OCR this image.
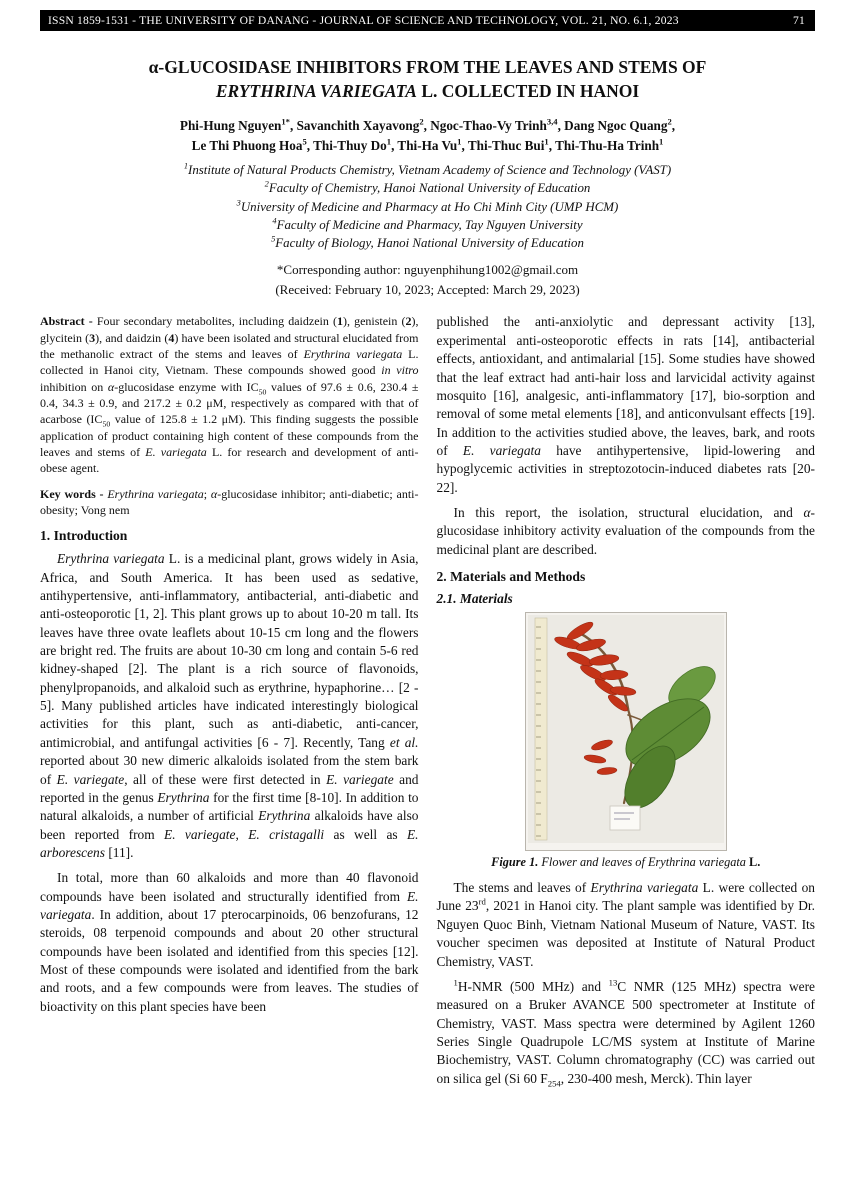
ISSN 1859-1531 - THE UNIVERSITY OF DANANG - JOURNAL OF SCIENCE AND TECHNOLOGY, VOL. 21, NO. 6.1, 2023	71
α-GLUCOSIDASE INHIBITORS FROM THE LEAVES AND STEMS OF
ERYTHRINA VARIEGATA L. COLLECTED IN HANOI
Phi-Hung Nguyen$^{1*}$, Savanchith Xayavong$^2$, Ngoc-Thao-Vy Trinh$^{3,4}$, Dang Ngoc Quang$^2$,
Le Thi Phuong Hoa$^5$, Thi-Thuy Do$^1$, Thi-Ha Vu$^1$, Thi-Thuc Bui$^1$, Thi-Thu-Ha Trinh$^1$
$^1$Institute of Natural Products Chemistry, Vietnam Academy of Science and Technology (VAST)
$^2$Faculty of Chemistry, Hanoi National University of Education
$^3$University of Medicine and Pharmacy at Ho Chi Minh City (UMP HCM)
$^4$Faculty of Medicine and Pharmacy, Tay Nguyen University
$^5$Faculty of Biology, Hanoi National University of Education
*Corresponding author: nguyenphihung1002@gmail.com
(Received: February 10, 2023; Accepted: March 29, 2023)

Abstract - Four secondary metabolites, including daidzein (1), genistein (2), glycitein (3), and daidzin (4) have been isolated and structural elucidated from the methanolic extract of the stems and leaves of Erythrina variegata L. collected in Hanoi city, Vietnam. These compounds showed good in vitro inhibition on α-glucosidase enzyme with $IC_{50}$ values of 97.6 ± 0.6, 230.4 ± 0.4, 34.3 ± 0.9, and 217.2 ± 0.2 μM, respectively as compared with that of acarbose ($IC_{50}$ value of 125.8 ± 1.2 μM). This finding suggests the possible application of product containing high content of these compounds from the leaves and stems of E. variegata L. for research and development of anti-obese agent.

Key words - Erythrina variegata; α-glucosidase inhibitor; anti-diabetic; anti-obesity; Vong nem

1. Introduction

Erythrina variegata L. is a medicinal plant, grows widely in Asia, Africa, and South America. It has been used as sedative, antihypertensive, anti-inflammatory, antibacterial, anti-diabetic and anti-osteoporotic [1, 2]. This plant grows up to about 10-20 m tall. Its leaves have three ovate leaflets about 10-15 cm long and the flowers are bright red. The fruits are about 10-30 cm long and contain 5-6 red kidney-shaped [2]. The plant is a rich source of flavonoids, phenylpropanoids, and alkaloid such as erythrine, hypaphorine… [2 - 5]. Many published articles have indicated interestingly biological activities for this plant, such as anti-diabetic, anti-cancer, antimicrobial, and antifungal activities [6 - 7]. Recently, Tang et al. reported about 30 new dimeric alkaloids isolated from the stem bark of E. variegate, all of these were first detected in E. variegate and reported in the genus Erythrina for the first time [8-10]. In addition to natural alkaloids, a number of artificial Erythrina alkaloids have also been reported from E. variegate, E. cristagalli as well as E. arborescens [11].

In total, more than 60 alkaloids and more than 40 flavonoid compounds have been isolated and structurally identified from E. variegata. In addition, about 17 pterocarpinoids, 06 benzofurans, 12 steroids, 08 terpenoid compounds and about 20 other structural compounds have been isolated and identified from this species [12]. Most of these compounds were isolated and identified from the bark and roots, and a few compounds were from leaves. The studies of bioactivity on this plant species have been

published the anti-anxiolytic and depressant activity [13], experimental anti-osteoporotic effects in rats [14], antibacterial effects, antioxidant, and antimalarial [15]. Some studies have showed that the leaf extract had anti-hair loss and larvicidal activity against mosquito [16], analgesic, anti-inflammatory [17], bio-sorption and removal of some metal elements [18], and anticonvulsant effects [19]. In addition to the activities studied above, the leaves, bark, and roots of E. variegata have antihypertensive, lipid-lowering and hypoglycemic activities in streptozotocin-induced diabetes rats [20-22].

In this report, the isolation, structural elucidation, and α-glucosidase inhibitory activity evaluation of the compounds from the medicinal plant are described.

2. Materials and Methods
2.1. Materials
Figure 1. Flower and leaves of Erythrina variegata L.

The stems and leaves of Erythrina variegata L. were collected on June 23rd, 2021 in Hanoi city. The plant sample was identified by Dr. Nguyen Quoc Binh, Vietnam National Museum of Nature, VAST. Its voucher specimen was deposited at Institute of Natural Product Chemistry, VAST.

$^1$H-NMR (500 MHz) and $^{13}$C NMR (125 MHz) spectra were measured on a Bruker AVANCE 500 spectrometer at Institute of Chemistry, VAST. Mass spectra were determined by Agilent 1260 Series Single Quadrupole LC/MS system at Institute of Marine Biochemistry, VAST. Column chromatography (CC) was carried out on silica gel (Si 60 $F_{254}$, 230-400 mesh, Merck). Thin layer
